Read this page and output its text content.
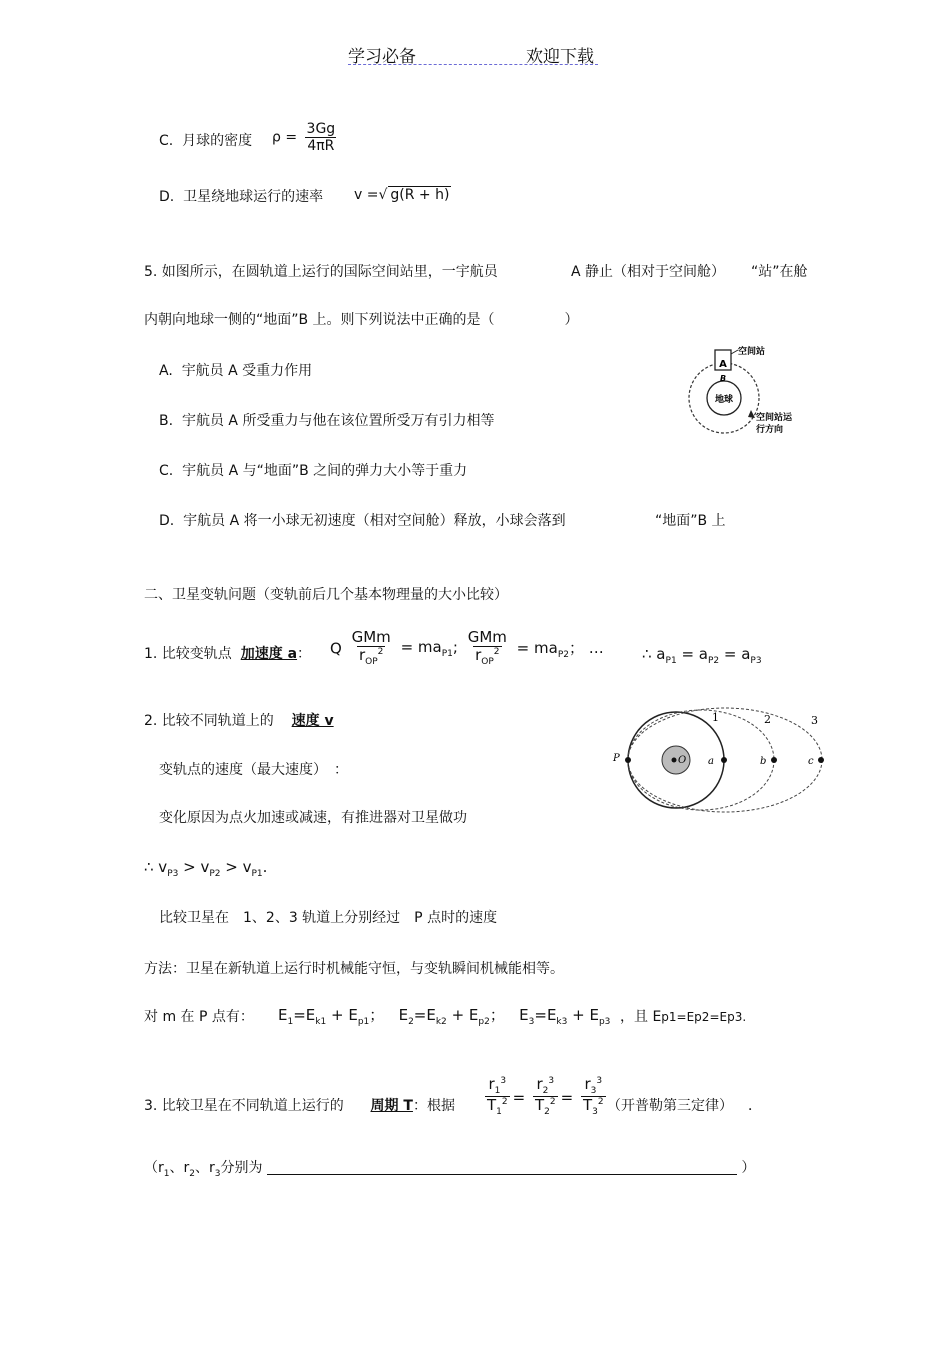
学习必备	欢迎下载
C. 月球的密度 $\rho = \frac{3Gg}{4\pi R}$
D. 卫星绕地球运行的速率 v =√ g(R + h)
5. 如图所示，在圆轨道上运行的国际空间站里，一宇航员	A 静止（相对于空间舱） “站”在舱
内朝向地球一侧的“地面”B 上。则下列说法中正确的是（　　　　　）
A. 宇航员 A 受重力作用
B. 宇航员 A 所受重力与他在该位置所受万有引力相等
C. 宇航员 A 与“地面”B 之间的弹力大小等于重力
D. 宇航员 A 将一小球无初速度（相对空间舱）释放，小球会落到	“地面”B 上
地球
A
B
空间站
空间站运
行方向
二、卫星变轨问题（变轨前后几个基本物理量的大小比较）
1. 比较变轨点 加速度 a： Q $\frac{\text{GMm}}{r_{OP}^2} = ma_{P1}$; $\frac{\text{GMm}}{r_{OP}^2} = ma_{P2}$； …	∴ $a_{P1} = a_{P2} = a_{P3}$
2. 比较不同轨道上的 速度 v
变轨点的速度（最大速度）　：
变化原因为点火加速或减速，有推进器对卫星做功
∴ $v_{P3} > v_{P2} > v_{P1}$.
比较卫星在　1、2、3 轨道上分别经过　P 点时的速度
方法：卫星在新轨道上运行时机械能守恒，与变轨瞬间机械能相等。
对 m 在 P 点有： $E_1=E_{k1} + E_{p1}$；   $E_2=E_{k2} + E_{p2}$；   $E_3=E_{k3} + E_{p3}$ ，且 Ep1=Ep2=Ep3.
O
P	a	b	c
1	2	3
3. 比较卫星在不同轨道上运行的 周期 T：根据 $\frac{r_1^3}{T_1^2} = \frac{r_2^3}{T_2^2} = \frac{r_3^3}{T_3^2}$ （开普勒第三定律） ．
（$r_1$、$r_2$、$r_3$分别为	）
